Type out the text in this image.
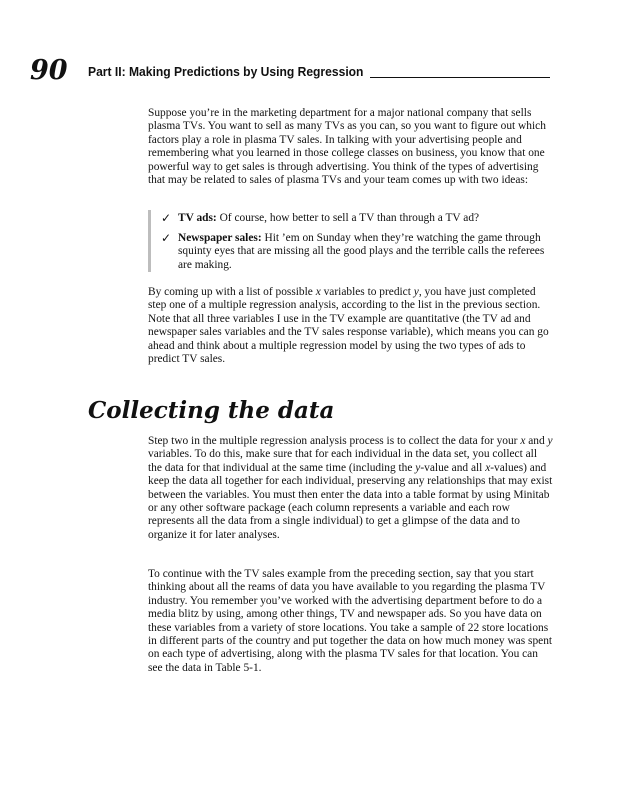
90 Part II: Making Predictions by Using Regression

Suppose you’re in the marketing department for a major national company that sells plasma TVs. You want to sell as many TVs as you can, so you want to figure out which factors play a role in plasma TV sales. In talking with your advertising people and remembering what you learned in those college classes on business, you know that one powerful way to get sales is through advertising. You think of the types of advertising that may be related to sales of plasma TVs and your team comes up with two ideas:

✓ TV ads: Of course, how better to sell a TV than through a TV ad?
✓ Newspaper sales: Hit ’em on Sunday when they’re watching the game through squinty eyes that are missing all the good plays and the terrible calls the referees are making.

By coming up with a list of possible x variables to predict y, you have just completed step one of a multiple regression analysis, according to the list in the previous section. Note that all three variables I use in the TV example are quantitative (the TV ad and newspaper sales variables and the TV sales response variable), which means you can go ahead and think about a multiple regression model by using the two types of ads to predict TV sales.

Collecting the data

Step two in the multiple regression analysis process is to collect the data for your x and y variables. To do this, make sure that for each individual in the data set, you collect all the data for that individual at the same time (including the y-value and all x-values) and keep the data all together for each individual, preserving any relationships that may exist between the variables. You must then enter the data into a table format by using Minitab or any other software package (each column represents a variable and each row represents all the data from a single individual) to get a glimpse of the data and to organize it for later analyses.

To continue with the TV sales example from the preceding section, say that you start thinking about all the reams of data you have available to you regarding the plasma TV industry. You remember you’ve worked with the advertising department before to do a media blitz by using, among other things, TV and newspaper ads. So you have data on these variables from a variety of store locations. You take a sample of 22 store locations in different parts of the country and put together the data on how much money was spent on each type of advertising, along with the plasma TV sales for that location. You can see the data in Table 5-1.
